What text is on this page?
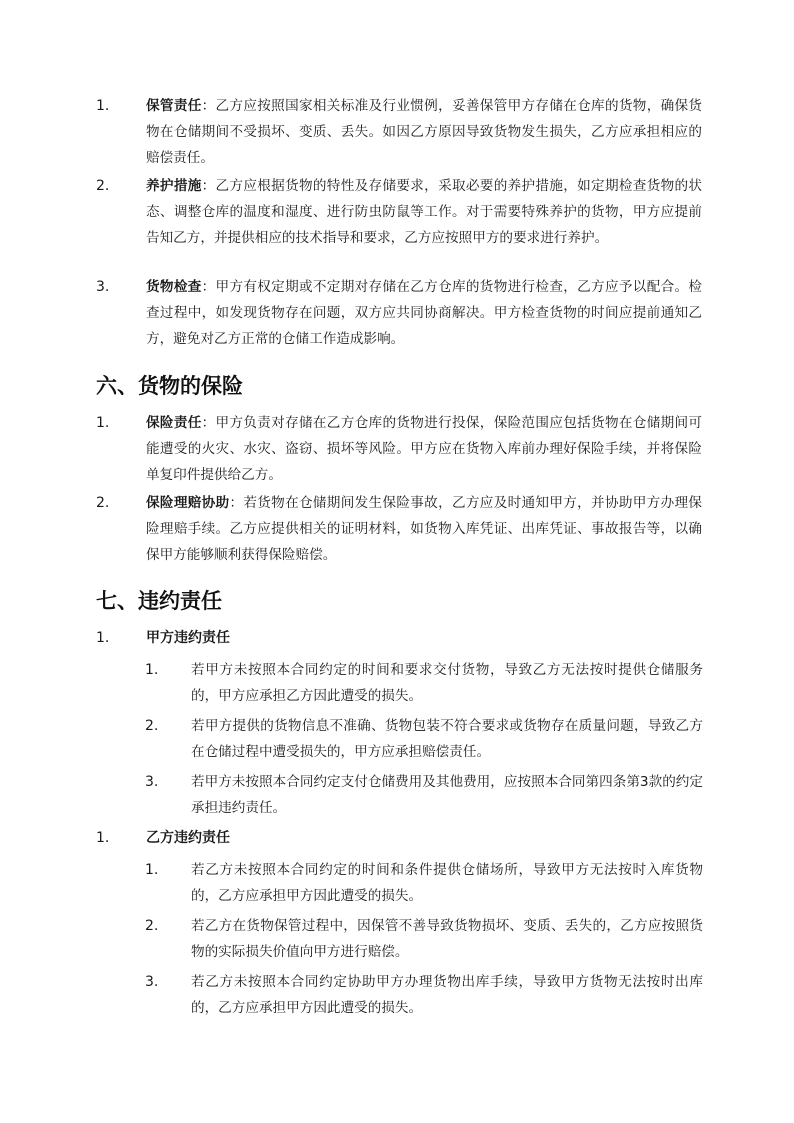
1.	保管责任：乙方应按照国家相关标准及行业惯例，妥善保管甲方存储在仓库的货物，确保货物在仓储期间不受损坏、变质、丢失。如因乙方原因导致货物发生损失，乙方应承担相应的赔偿责任。
2.	养护措施：乙方应根据货物的特性及存储要求，采取必要的养护措施，如定期检查货物的状态、调整仓库的温度和湿度、进行防虫防鼠等工作。对于需要特殊养护的货物，甲方应提前告知乙方，并提供相应的技术指导和要求，乙方应按照甲方的要求进行养护。
3.	货物检查：甲方有权定期或不定期对存储在乙方仓库的货物进行检查，乙方应予以配合。检查过程中，如发现货物存在问题，双方应共同协商解决。甲方检查货物的时间应提前通知乙方，避免对乙方正常的仓储工作造成影响。
六、货物的保险
1.	保险责任：甲方负责对存储在乙方仓库的货物进行投保，保险范围应包括货物在仓储期间可能遭受的火灾、水灾、盗窃、损坏等风险。甲方应在货物入库前办理好保险手续，并将保险单复印件提供给乙方。
2.	保险理赔协助：若货物在仓储期间发生保险事故，乙方应及时通知甲方，并协助甲方办理保险理赔手续。乙方应提供相关的证明材料，如货物入库凭证、出库凭证、事故报告等，以确保甲方能够顺利获得保险赔偿。
七、违约责任
1.	甲方违约责任
1. 若甲方未按照本合同约定的时间和要求交付货物，导致乙方无法按时提供仓储服务的，甲方应承担乙方因此遭受的损失。
2. 若甲方提供的货物信息不准确、货物包装不符合要求或货物存在质量问题，导致乙方在仓储过程中遭受损失的，甲方应承担赔偿责任。
3. 若甲方未按照本合同约定支付仓储费用及其他费用，应按照本合同第四条第3款的约定承担违约责任。
1.	乙方违约责任
1. 若乙方未按照本合同约定的时间和条件提供仓储场所，导致甲方无法按时入库货物的，乙方应承担甲方因此遭受的损失。
2. 若乙方在货物保管过程中，因保管不善导致货物损坏、变质、丢失的，乙方应按照货物的实际损失价值向甲方进行赔偿。
3. 若乙方未按照本合同约定协助甲方办理货物出库手续，导致甲方货物无法按时出库的，乙方应承担甲方因此遭受的损失。
